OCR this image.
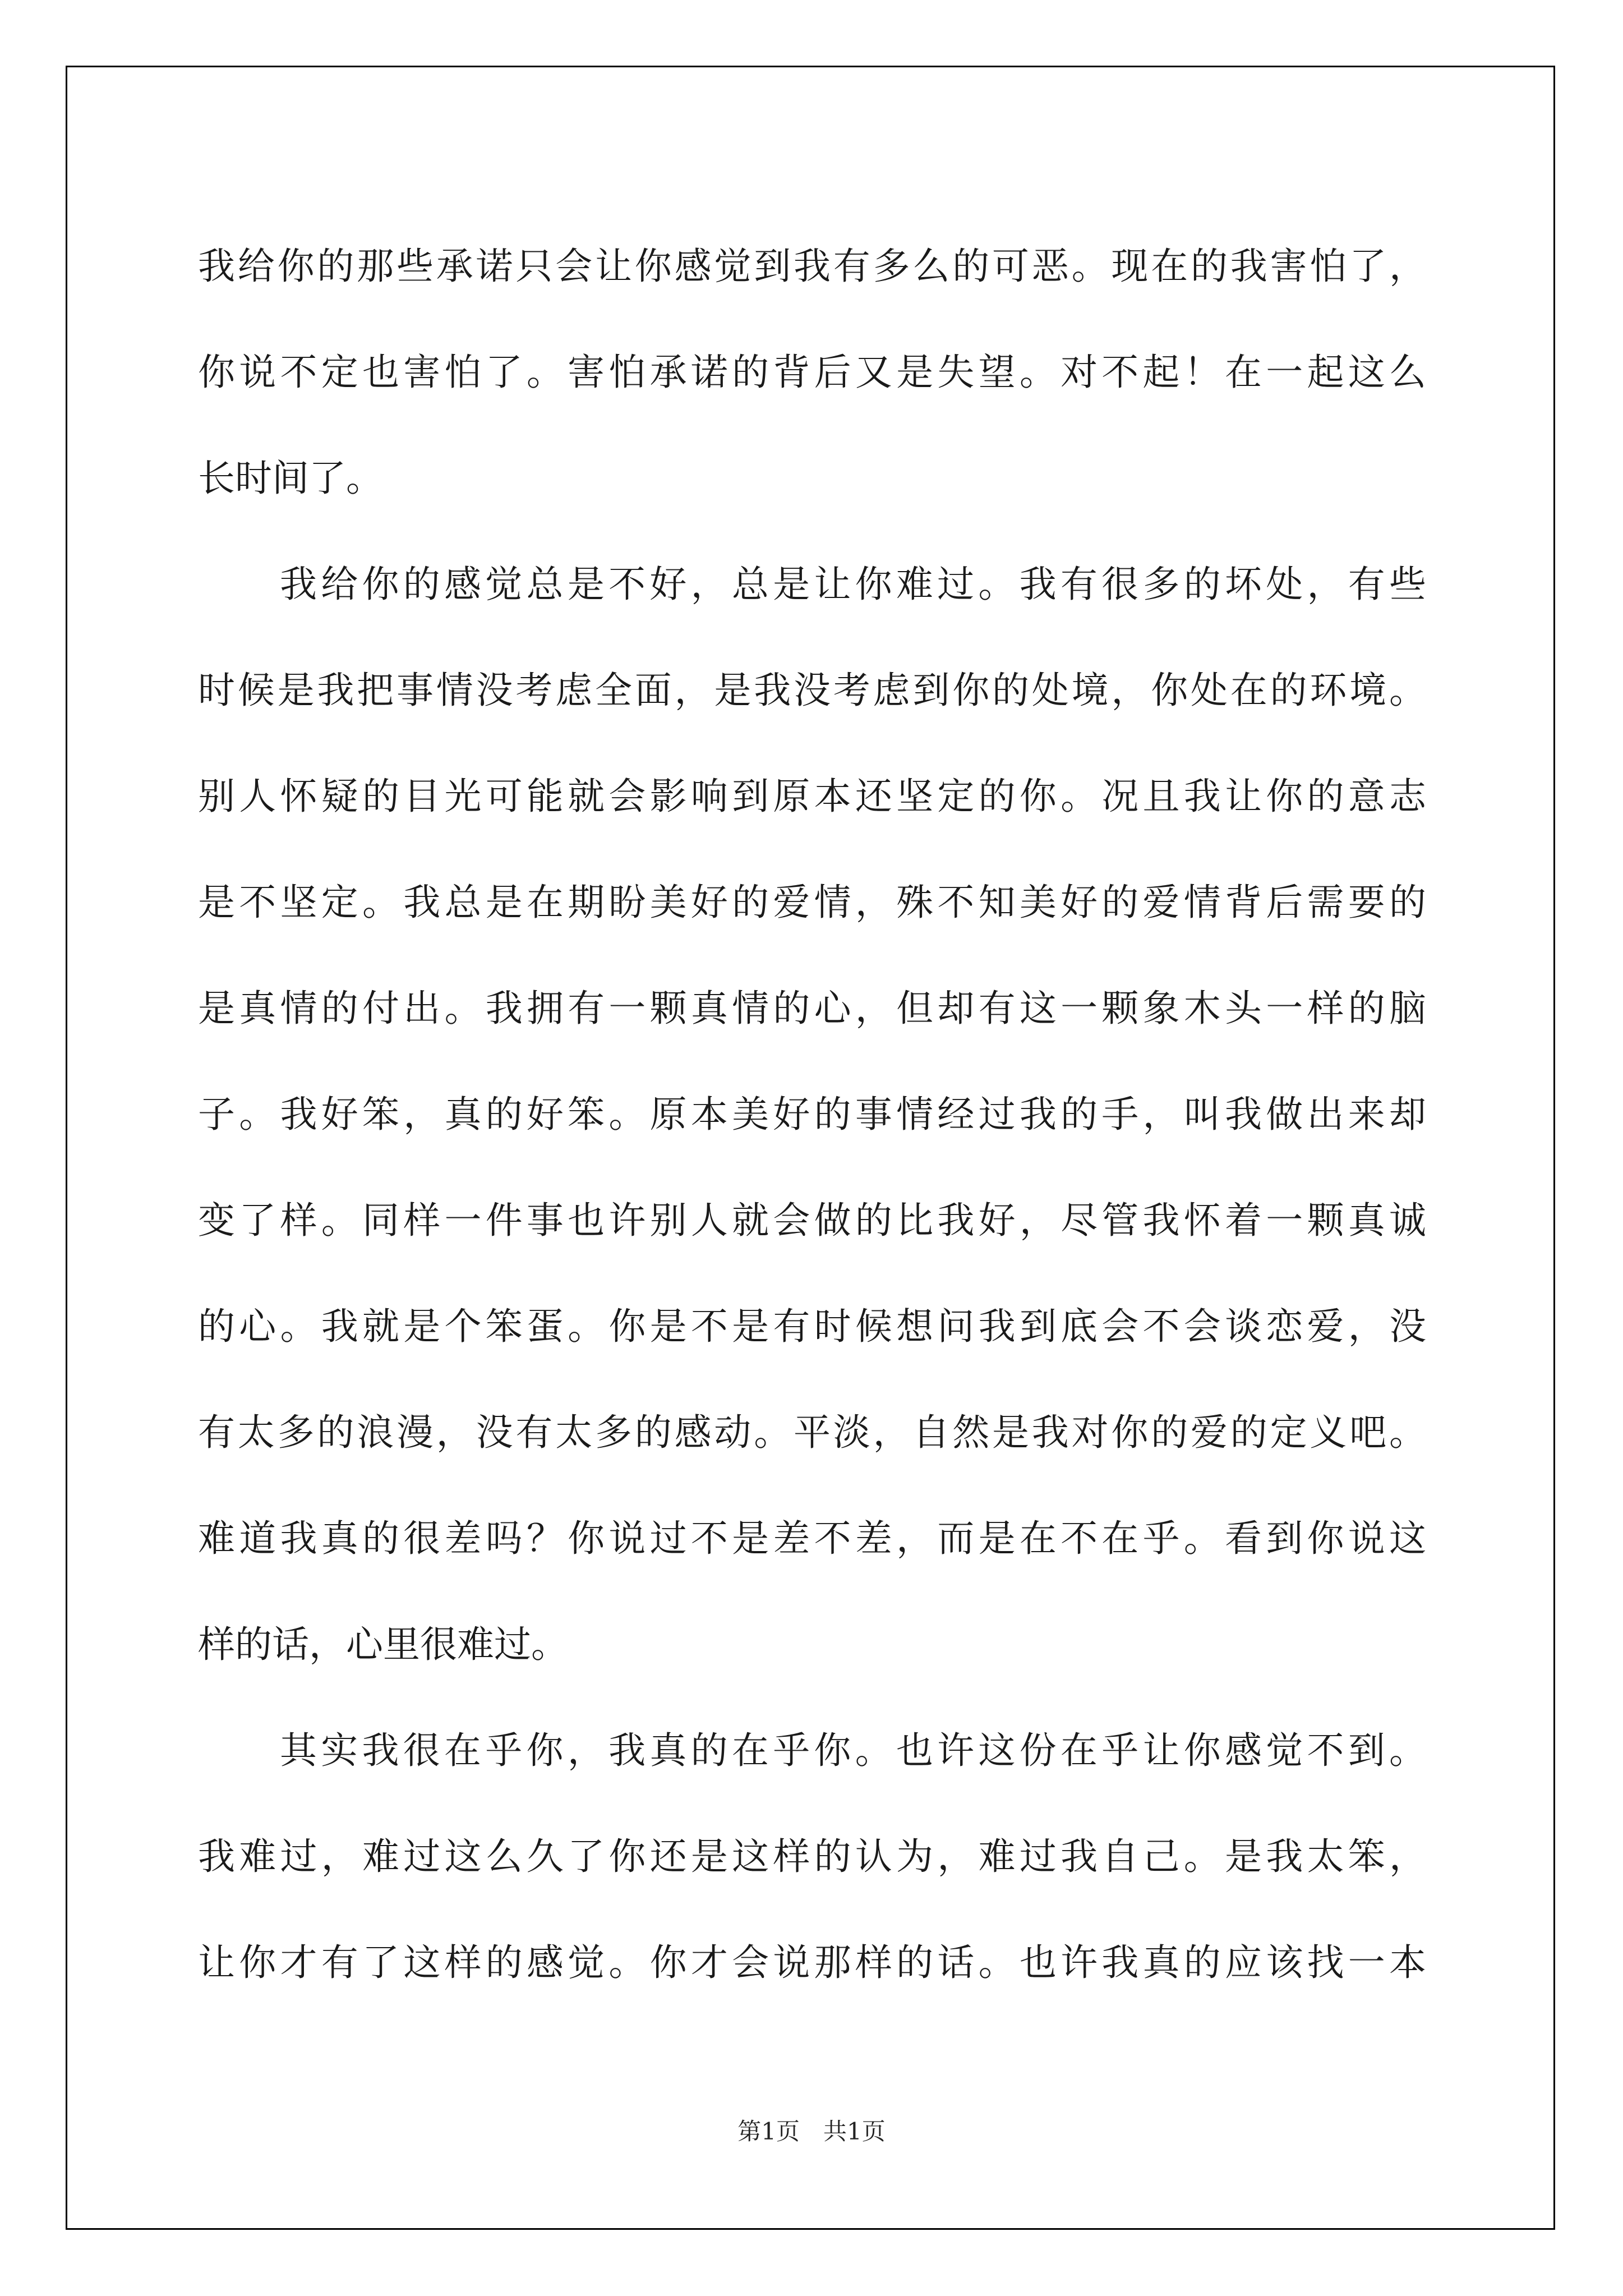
我给你的那些承诺只会让你感觉到我有多么的可恶。现在的我害怕了，
你说不定也害怕了。害怕承诺的背后又是失望。对不起！在一起这么
长时间了。
我给你的感觉总是不好，总是让你难过。我有很多的坏处，有些
时候是我把事情没考虑全面，是我没考虑到你的处境，你处在的环境。
别人怀疑的目光可能就会影响到原本还坚定的你。况且我让你的意志
是不坚定。我总是在期盼美好的爱情，殊不知美好的爱情背后需要的
是真情的付出。我拥有一颗真情的心，但却有这一颗象木头一样的脑
子。我好笨，真的好笨。原本美好的事情经过我的手，叫我做出来却
变了样。同样一件事也许别人就会做的比我好，尽管我怀着一颗真诚
的心。我就是个笨蛋。你是不是有时候想问我到底会不会谈恋爱，没
有太多的浪漫，没有太多的感动。平淡，自然是我对你的爱的定义吧。
难道我真的很差吗？你说过不是差不差，而是在不在乎。看到你说这
样的话，心里很难过。
其实我很在乎你，我真的在乎你。也许这份在乎让你感觉不到。
我难过，难过这么久了你还是这样的认为，难过我自己。是我太笨，
让你才有了这样的感觉。你才会说那样的话。也许我真的应该找一本
第1页　共1页
